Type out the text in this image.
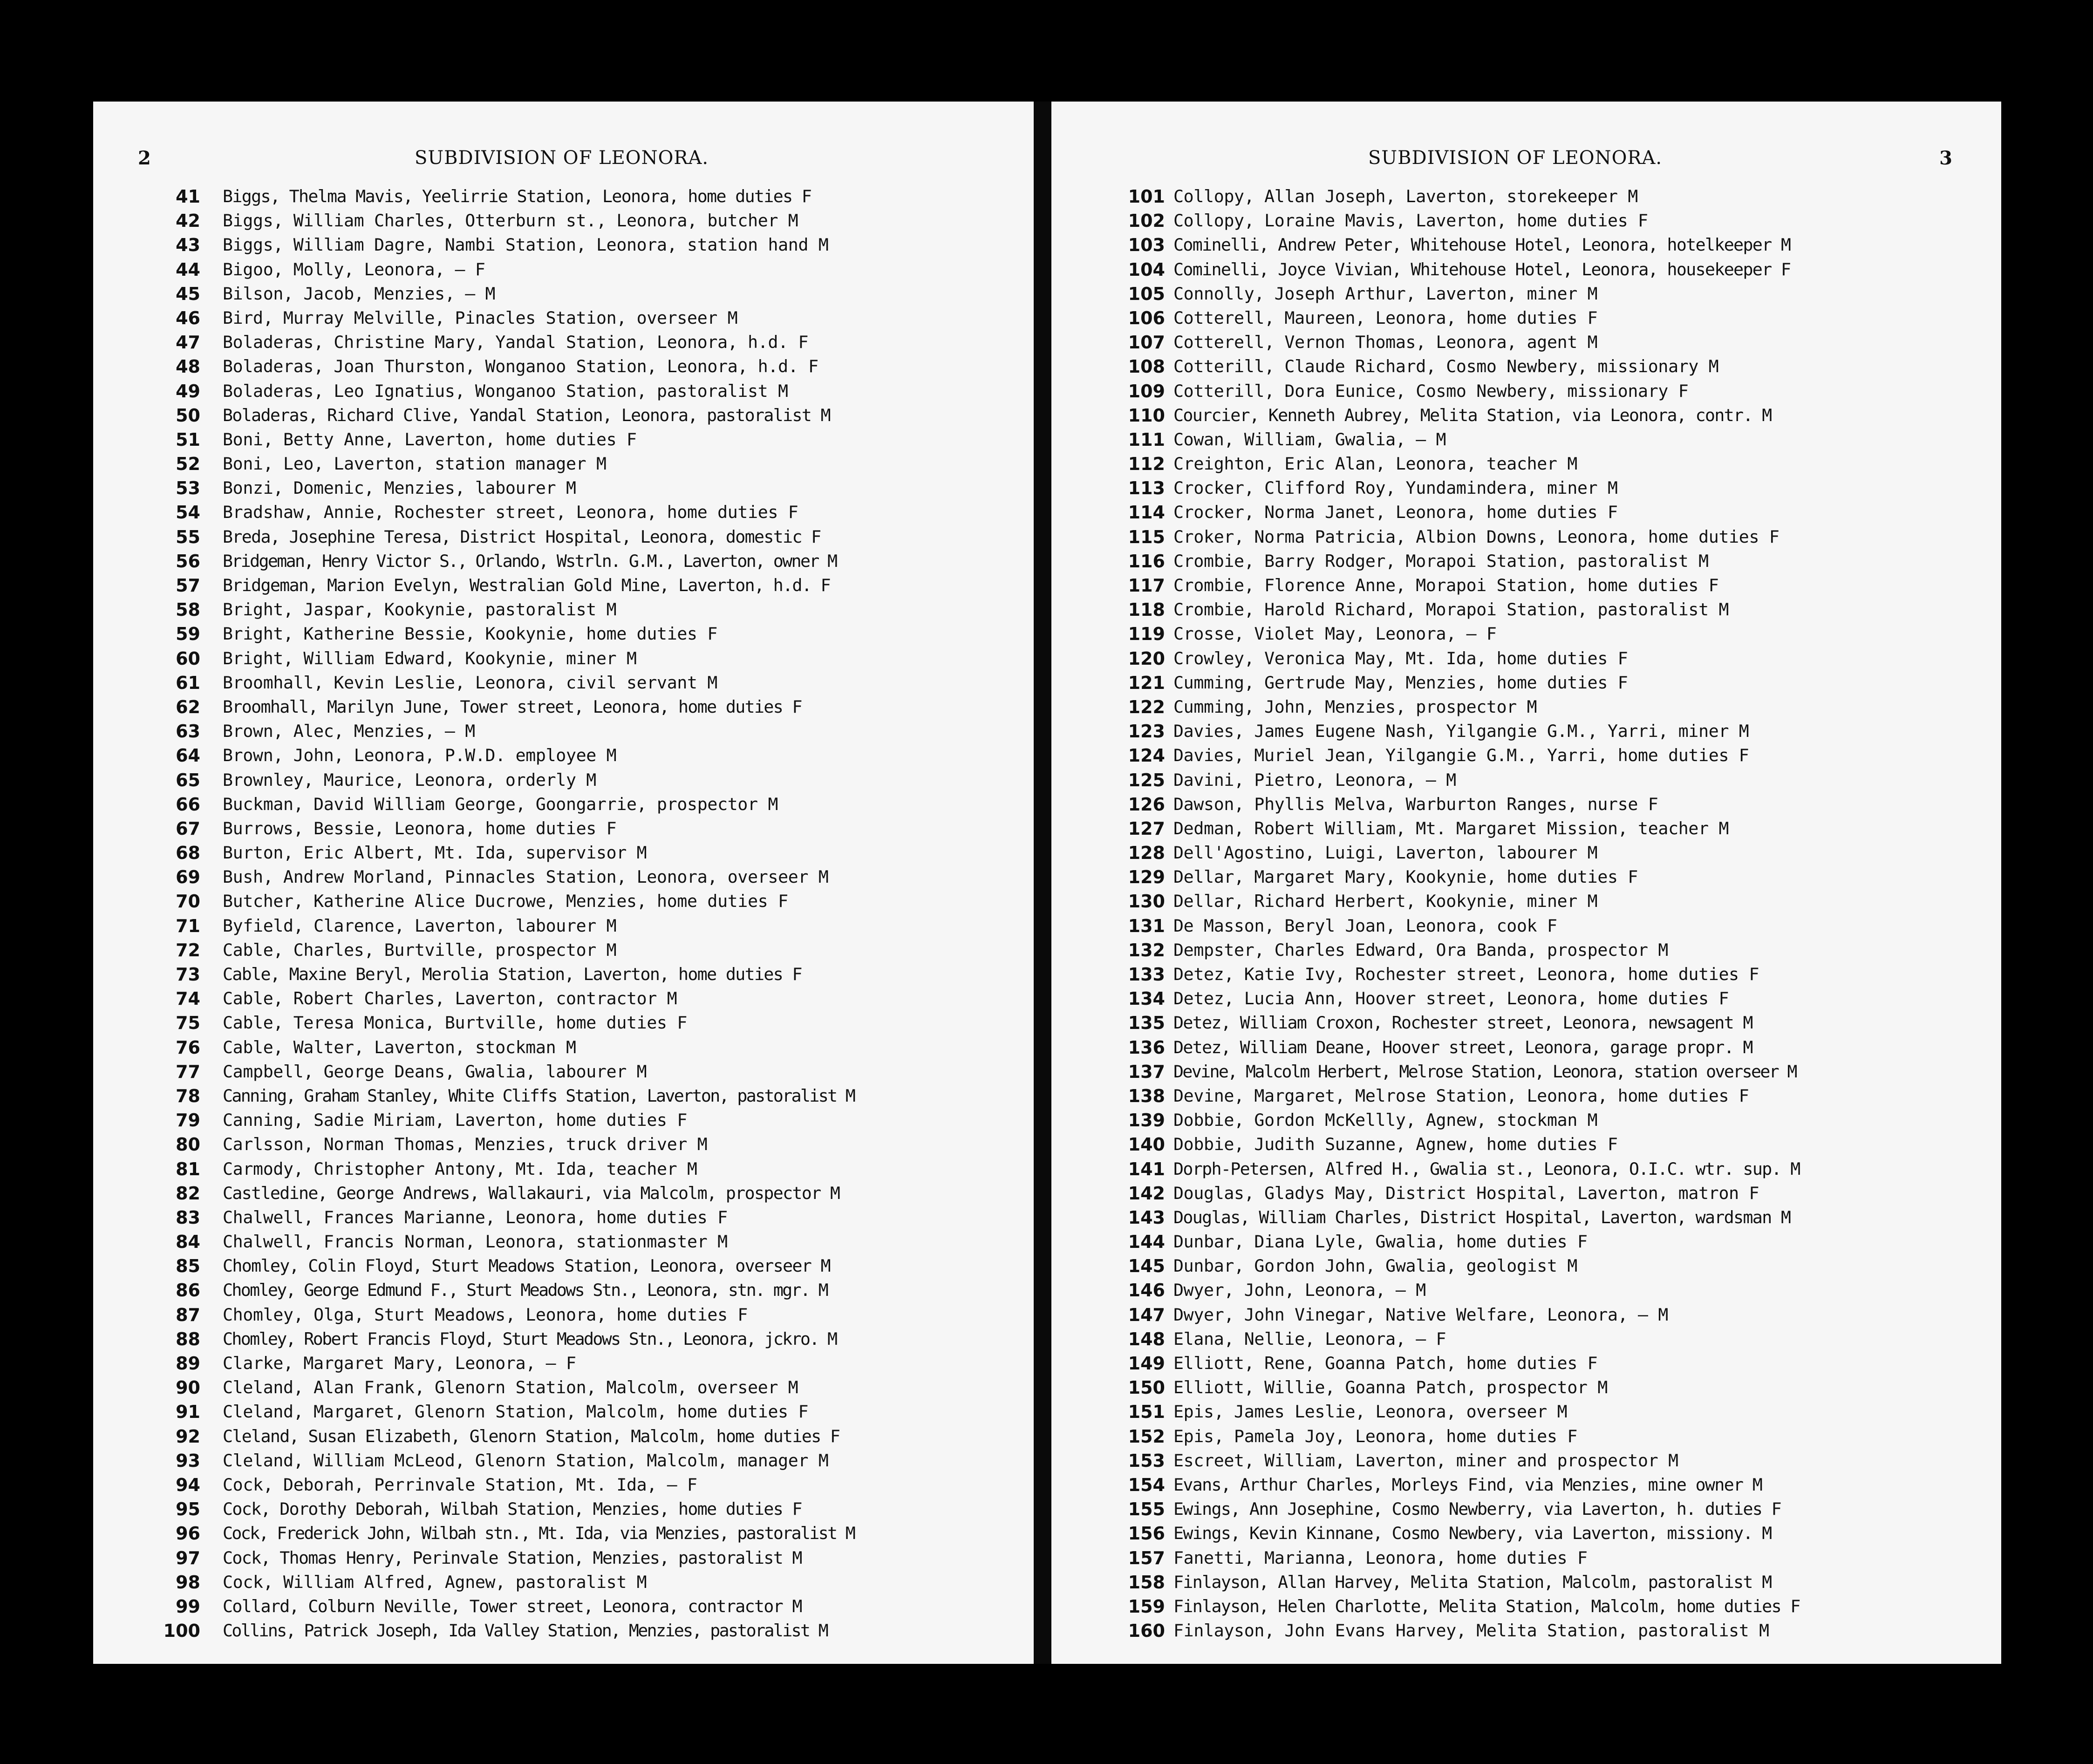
2	SUBDIVISION OF LEONORA.
41 Biggs, Thelma Mavis, Yeelirrie Station, Leonora, home duties F
42 Biggs, William Charles, Otterburn st., Leonora, butcher M
43 Biggs, William Dagre, Nambi Station, Leonora, station hand M
44 Bigoo, Molly, Leonora, — F
45 Bilson, Jacob, Menzies, — M
46 Bird, Murray Melville, Pinacles Station, overseer M
47 Boladeras, Christine Mary, Yandal Station, Leonora, h.d. F
48 Boladeras, Joan Thurston, Wonganoo Station, Leonora, h.d. F
49 Boladeras, Leo Ignatius, Wonganoo Station, pastoralist M
50 Boladeras, Richard Clive, Yandal Station, Leonora, pastoralist M
51 Boni, Betty Anne, Laverton, home duties F
52 Boni, Leo, Laverton, station manager M
53 Bonzi, Domenic, Menzies, labourer M
54 Bradshaw, Annie, Rochester street, Leonora, home duties F
55 Breda, Josephine Teresa, District Hospital, Leonora, domestic F
56 Bridgeman, Henry Victor S., Orlando, Wstrln. G.M., Laverton, owner M
57 Bridgeman, Marion Evelyn, Westralian Gold Mine, Laverton, h.d. F
58 Bright, Jaspar, Kookynie, pastoralist M
59 Bright, Katherine Bessie, Kookynie, home duties F
60 Bright, William Edward, Kookynie, miner M
61 Broomhall, Kevin Leslie, Leonora, civil servant M
62 Broomhall, Marilyn June, Tower street, Leonora, home duties F
63 Brown, Alec, Menzies, — M
64 Brown, John, Leonora, P.W.D. employee M
65 Brownley, Maurice, Leonora, orderly M
66 Buckman, David William George, Goongarrie, prospector M
67 Burrows, Bessie, Leonora, home duties F
68 Burton, Eric Albert, Mt. Ida, supervisor M
69 Bush, Andrew Morland, Pinnacles Station, Leonora, overseer M
70 Butcher, Katherine Alice Ducrowe, Menzies, home duties F
71 Byfield, Clarence, Laverton, labourer M
72 Cable, Charles, Burtville, prospector M
73 Cable, Maxine Beryl, Merolia Station, Laverton, home duties F
74 Cable, Robert Charles, Laverton, contractor M
75 Cable, Teresa Monica, Burtville, home duties F
76 Cable, Walter, Laverton, stockman M
77 Campbell, George Deans, Gwalia, labourer M
78 Canning, Graham Stanley, White Cliffs Station, Laverton, pastoralist M
79 Canning, Sadie Miriam, Laverton, home duties F
80 Carlsson, Norman Thomas, Menzies, truck driver M
81 Carmody, Christopher Antony, Mt. Ida, teacher M
82 Castledine, George Andrews, Wallakauri, via Malcolm, prospector M
83 Chalwell, Frances Marianne, Leonora, home duties F
84 Chalwell, Francis Norman, Leonora, stationmaster M
85 Chomley, Colin Floyd, Sturt Meadows Station, Leonora, overseer M
86 Chomley, George Edmund F., Sturt Meadows Stn., Leonora, stn. mgr. M
87 Chomley, Olga, Sturt Meadows, Leonora, home duties F
88 Chomley, Robert Francis Floyd, Sturt Meadows Stn., Leonora, jckro. M
89 Clarke, Margaret Mary, Leonora, — F
90 Cleland, Alan Frank, Glenorn Station, Malcolm, overseer M
91 Cleland, Margaret, Glenorn Station, Malcolm, home duties F
92 Cleland, Susan Elizabeth, Glenorn Station, Malcolm, home duties F
93 Cleland, William McLeod, Glenorn Station, Malcolm, manager M
94 Cock, Deborah, Perrinvale Station, Mt. Ida, — F
95 Cock, Dorothy Deborah, Wilbah Station, Menzies, home duties F
96 Cock, Frederick John, Wilbah stn., Mt. Ida, via Menzies, pastoralist M
97 Cock, Thomas Henry, Perinvale Station, Menzies, pastoralist M
98 Cock, William Alfred, Agnew, pastoralist M
99 Collard, Colburn Neville, Tower street, Leonora, contractor M
100 Collins, Patrick Joseph, Ida Valley Station, Menzies, pastoralist M
SUBDIVISION OF LEONORA.	3
101 Collopy, Allan Joseph, Laverton, storekeeper M
102 Collopy, Loraine Mavis, Laverton, home duties F
103 Cominelli, Andrew Peter, Whitehouse Hotel, Leonora, hotelkeeper M
104 Cominelli, Joyce Vivian, Whitehouse Hotel, Leonora, housekeeper F
105 Connolly, Joseph Arthur, Laverton, miner M
106 Cotterell, Maureen, Leonora, home duties F
107 Cotterell, Vernon Thomas, Leonora, agent M
108 Cotterill, Claude Richard, Cosmo Newbery, missionary M
109 Cotterill, Dora Eunice, Cosmo Newbery, missionary F
110 Courcier, Kenneth Aubrey, Melita Station, via Leonora, contr. M
111 Cowan, William, Gwalia, — M
112 Creighton, Eric Alan, Leonora, teacher M
113 Crocker, Clifford Roy, Yundamindera, miner M
114 Crocker, Norma Janet, Leonora, home duties F
115 Croker, Norma Patricia, Albion Downs, Leonora, home duties F
116 Crombie, Barry Rodger, Morapoi Station, pastoralist M
117 Crombie, Florence Anne, Morapoi Station, home duties F
118 Crombie, Harold Richard, Morapoi Station, pastoralist M
119 Crosse, Violet May, Leonora, — F
120 Crowley, Veronica May, Mt. Ida, home duties F
121 Cumming, Gertrude May, Menzies, home duties F
122 Cumming, John, Menzies, prospector M
123 Davies, James Eugene Nash, Yilgangie G.M., Yarri, miner M
124 Davies, Muriel Jean, Yilgangie G.M., Yarri, home duties F
125 Davini, Pietro, Leonora, — M
126 Dawson, Phyllis Melva, Warburton Ranges, nurse F
127 Dedman, Robert William, Mt. Margaret Mission, teacher M
128 Dell'Agostino, Luigi, Laverton, labourer M
129 Dellar, Margaret Mary, Kookynie, home duties F
130 Dellar, Richard Herbert, Kookynie, miner M
131 De Masson, Beryl Joan, Leonora, cook F
132 Dempster, Charles Edward, Ora Banda, prospector M
133 Detez, Katie Ivy, Rochester street, Leonora, home duties F
134 Detez, Lucia Ann, Hoover street, Leonora, home duties F
135 Detez, William Croxon, Rochester street, Leonora, newsagent M
136 Detez, William Deane, Hoover street, Leonora, garage propr. M
137 Devine, Malcolm Herbert, Melrose Station, Leonora, station overseer M
138 Devine, Margaret, Melrose Station, Leonora, home duties F
139 Dobbie, Gordon McKellly, Agnew, stockman M
140 Dobbie, Judith Suzanne, Agnew, home duties F
141 Dorph-Petersen, Alfred H., Gwalia st., Leonora, O.I.C. wtr. sup. M
142 Douglas, Gladys May, District Hospital, Laverton, matron F
143 Douglas, William Charles, District Hospital, Laverton, wardsman M
144 Dunbar, Diana Lyle, Gwalia, home duties F
145 Dunbar, Gordon John, Gwalia, geologist M
146 Dwyer, John, Leonora, — M
147 Dwyer, John Vinegar, Native Welfare, Leonora, — M
148 Elana, Nellie, Leonora, — F
149 Elliott, Rene, Goanna Patch, home duties F
150 Elliott, Willie, Goanna Patch, prospector M
151 Epis, James Leslie, Leonora, overseer M
152 Epis, Pamela Joy, Leonora, home duties F
153 Escreet, William, Laverton, miner and prospector M
154 Evans, Arthur Charles, Morleys Find, via Menzies, mine owner M
155 Ewings, Ann Josephine, Cosmo Newberry, via Laverton, h. duties F
156 Ewings, Kevin Kinnane, Cosmo Newbery, via Laverton, missiony. M
157 Fanetti, Marianna, Leonora, home duties F
158 Finlayson, Allan Harvey, Melita Station, Malcolm, pastoralist M
159 Finlayson, Helen Charlotte, Melita Station, Malcolm, home duties F
160 Finlayson, John Evans Harvey, Melita Station, pastoralist M
